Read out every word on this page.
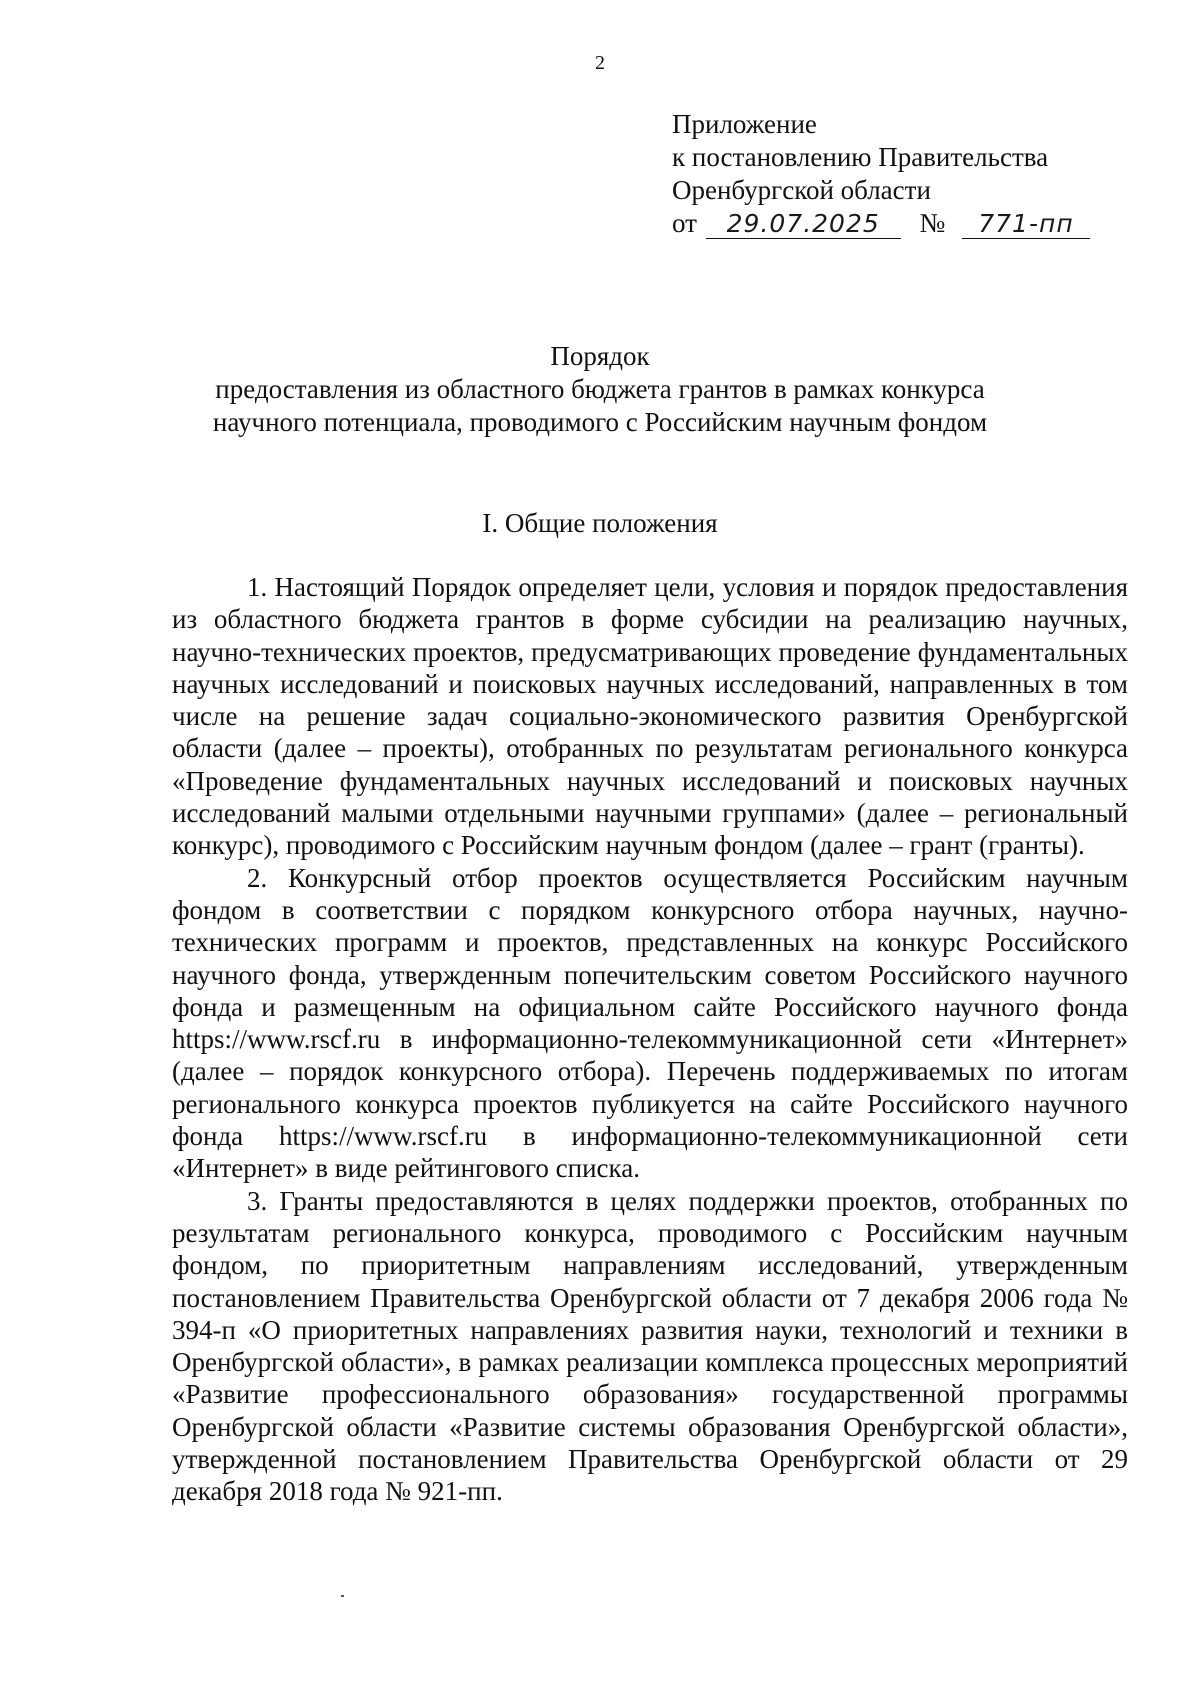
2
Приложение
к постановлению Правительства
Оренбургской области
от 29.07.2025 № 771-пп
Порядок
предоставления из областного бюджета грантов в рамках конкурса
научного потенциала, проводимого с Российским научным фондом
I. Общие положения

1. Настоящий Порядок определяет цели, условия и порядок предоставления из областного бюджета грантов в форме субсидии на реализацию научных, научно-технических проектов, предусматривающих проведение фундаментальных научных исследований и поисковых научных исследований, направленных в том числе на решение задач социально-экономического развития Оренбургской области (далее – проекты), отобранных по результатам регионального конкурса «Проведение фундаментальных научных исследований и поисковых научных исследований малыми отдельными научными группами» (далее – региональный конкурс), проводимого с Российским научным фондом (далее – грант (гранты).

2. Конкурсный отбор проектов осуществляется Российским научным фондом в соответствии с порядком конкурсного отбора научных, научно-технических программ и проектов, представленных на конкурс Российского научного фонда, утвержденным попечительским советом Российского научного фонда и размещенным на официальном сайте Российского научного фонда https://www.rscf.ru в информационно-телекоммуникационной сети «Интернет» (далее – порядок конкурсного отбора). Перечень поддерживаемых по итогам регионального конкурса проектов публикуется на сайте Российского научного фонда https://www.rscf.ru в информационно-телекоммуникационной сети «Интернет» в виде рейтингового списка.

3. Гранты предоставляются в целях поддержки проектов, отобранных по результатам регионального конкурса, проводимого с Российским научным фондом, по приоритетным направлениям исследований, утвержденным постановлением Правительства Оренбургской области от 7 декабря 2006 года № 394-п «О приоритетных направлениях развития науки, технологий и техники в Оренбургской области», в рамках реализации комплекса процессных мероприятий «Развитие профессионального образования» государственной программы Оренбургской области «Развитие системы образования Оренбургской области», утвержденной постановлением Правительства Оренбургской области от 29 декабря 2018 года № 921-пп.
